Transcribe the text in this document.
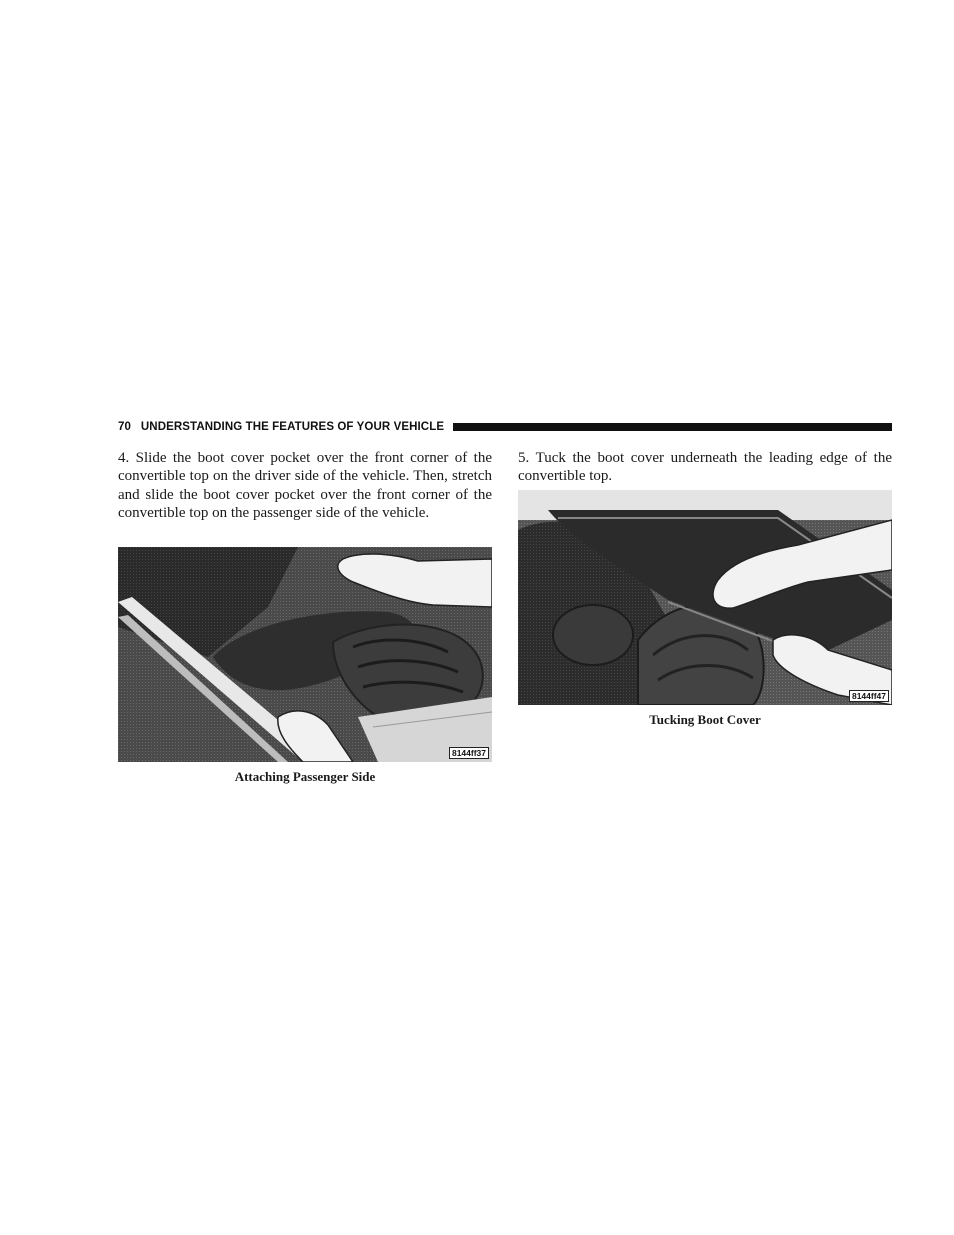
70 UNDERSTANDING THE FEATURES OF YOUR VEHICLE

4. Slide the boot cover pocket over the front corner of the convertible top on the driver side of the vehicle. Then, stretch and slide the boot cover pocket over the front corner of the convertible top on the passenger side of the vehicle.

5. Tuck the boot cover underneath the leading edge of the convertible top.

8144ff37
Attaching Passenger Side
8144ff47
Tucking Boot Cover
